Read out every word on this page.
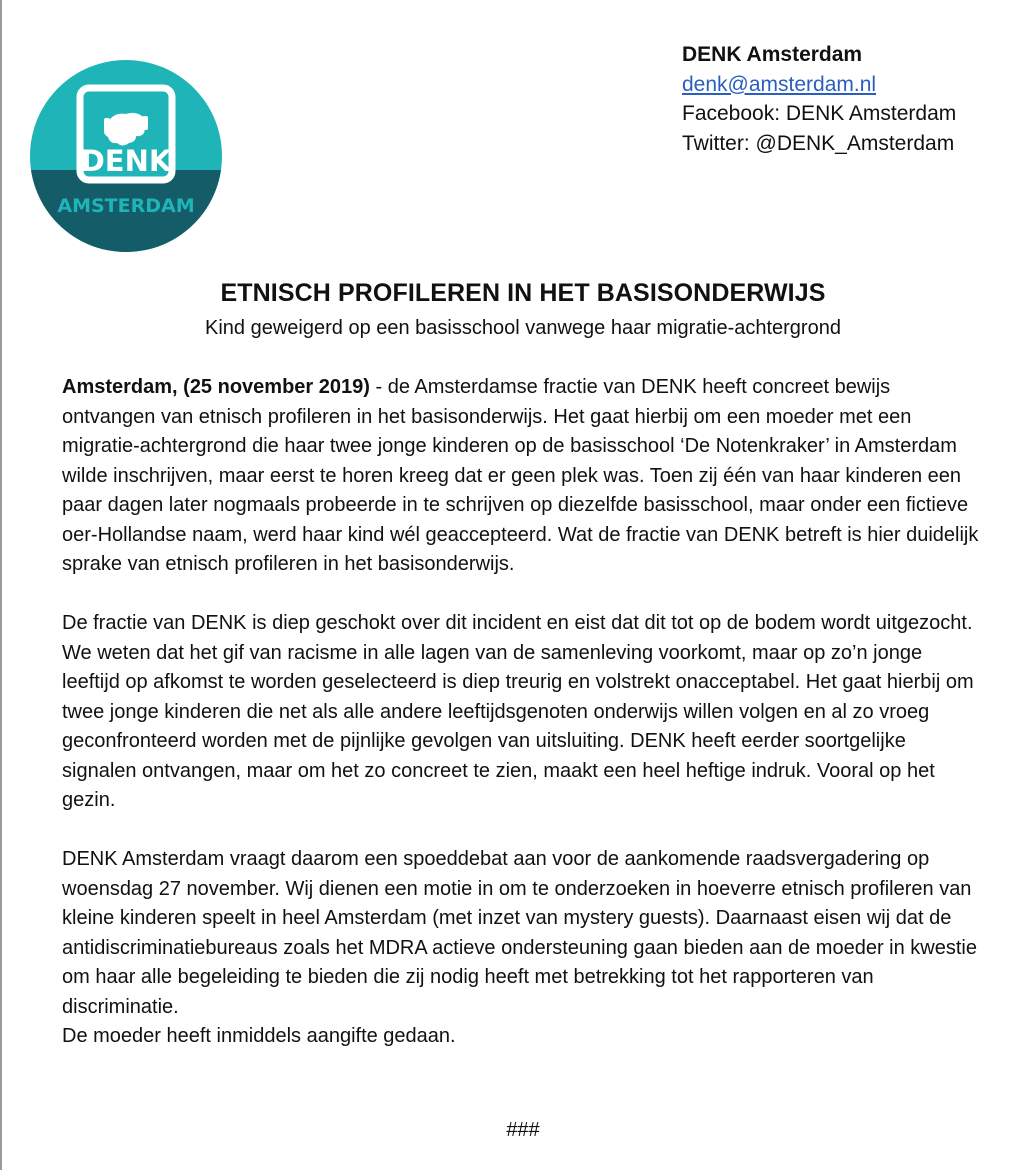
DENK
AMSTERDAM
DENK Amsterdam
denk@amsterdam.nl
Facebook: DENK Amsterdam
Twitter: @DENK_Amsterdam
ETNISCH PROFILEREN IN HET BASISONDERWIJS
Kind geweigerd op een basisschool vanwege haar migratie-achtergrond

Amsterdam, (25 november 2019) - de Amsterdamse fractie van DENK heeft concreet bewijs ontvangen van etnisch profileren in het basisonderwijs. Het gaat hierbij om een moeder met een migratie-achtergrond die haar twee jonge kinderen op de basisschool ‘De Notenkraker’ in Amsterdam wilde inschrijven, maar eerst te horen kreeg dat er geen plek was. Toen zij één van haar kinderen een paar dagen later nogmaals probeerde in te schrijven op diezelfde basisschool, maar onder een fictieve oer-Hollandse naam, werd haar kind wél geaccepteerd. Wat de fractie van DENK betreft is hier duidelijk sprake van etnisch profileren in het basisonderwijs.

De fractie van DENK is diep geschokt over dit incident en eist dat dit tot op de bodem wordt uitgezocht. We weten dat het gif van racisme in alle lagen van de samenleving voorkomt, maar op zo’n jonge leeftijd op afkomst te worden geselecteerd is diep treurig en volstrekt onacceptabel. Het gaat hierbij om twee jonge kinderen die net als alle andere leeftijdsgenoten onderwijs willen volgen en al zo vroeg geconfronteerd worden met de pijnlijke gevolgen van uitsluiting. DENK heeft eerder soortgelijke signalen ontvangen, maar om het zo concreet te zien, maakt een heel heftige indruk. Vooral op het gezin.

DENK Amsterdam vraagt daarom een spoeddebat aan voor de aankomende raadsvergadering op woensdag 27 november. Wij dienen een motie in om te onderzoeken in hoeverre etnisch profileren van kleine kinderen speelt in heel Amsterdam (met inzet van mystery guests). Daarnaast eisen wij dat de antidiscriminatiebureaus zoals het MDRA actieve ondersteuning gaan bieden aan de moeder in kwestie om haar alle begeleiding te bieden die zij nodig heeft met betrekking tot het rapporteren van discriminatie.

De moeder heeft inmiddels aangifte gedaan.

###
